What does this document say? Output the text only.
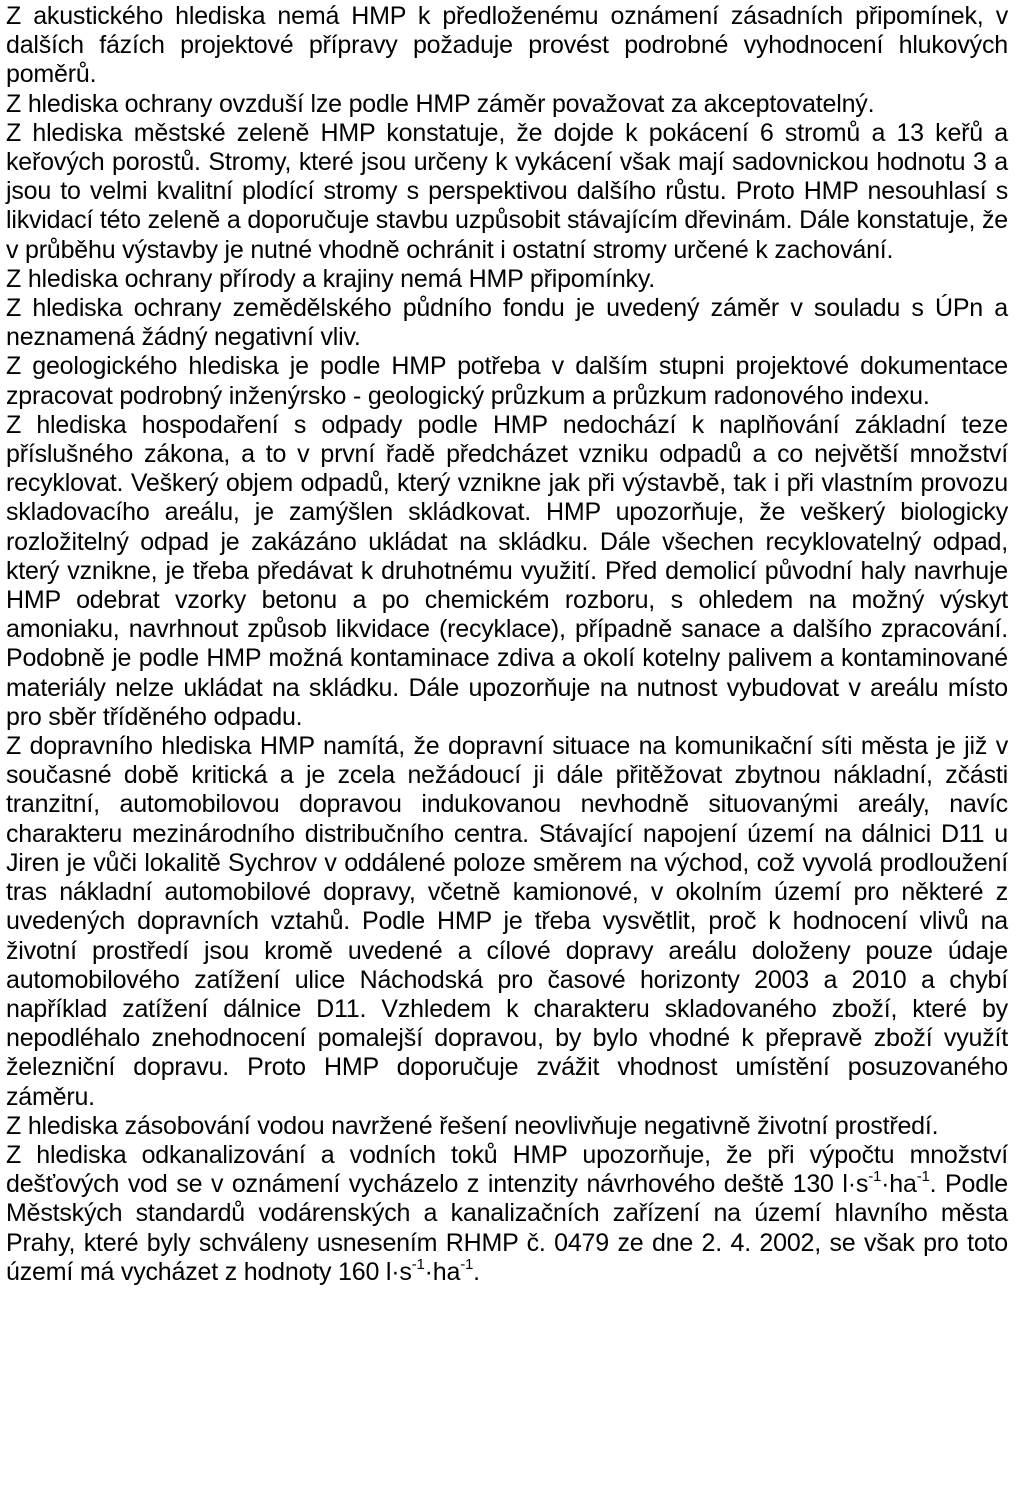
Z akustického hlediska nemá HMP k předloženému oznámení zásadních připomínek, v dalších fázích projektové přípravy požaduje provést podrobné vyhodnocení hlukových poměrů.

Z hlediska ochrany ovzduší lze podle HMP záměr považovat za akceptovatelný.

Z hlediska městské zeleně HMP konstatuje, že dojde k pokácení 6 stromů a 13 keřů a keřových porostů. Stromy, které jsou určeny k vykácení však mají sadovnickou hodnotu 3 a jsou to velmi kvalitní plodící stromy s perspektivou dalšího růstu. Proto HMP nesouhlasí s likvidací této zeleně a doporučuje stavbu uzpůsobit stávajícím dřevinám. Dále konstatuje, že v průběhu výstavby je nutné vhodně ochránit i ostatní stromy určené k zachování.

Z hlediska ochrany přírody a krajiny nemá HMP připomínky.

Z hlediska ochrany zemědělského půdního fondu je uvedený záměr v souladu s ÚPn a neznamená žádný negativní vliv.

Z geologického hlediska je podle HMP potřeba v dalším stupni projektové dokumentace zpracovat podrobný inženýrsko - geologický průzkum a průzkum radonového indexu.

Z hlediska hospodaření s odpady podle HMP nedochází k naplňování základní teze příslušného zákona, a to v první řadě předcházet vzniku odpadů a co největší množství recyklovat. Veškerý objem odpadů, který vznikne jak při výstavbě, tak i při vlastním provozu skladovacího areálu, je zamýšlen skládkovat. HMP upozorňuje, že veškerý biologicky rozložitelný odpad je zakázáno ukládat na skládku. Dále všechen recyklovatelný odpad, který vznikne, je třeba předávat k druhotnému využití. Před demolicí původní haly navrhuje HMP odebrat vzorky betonu a po chemickém rozboru, s ohledem na možný výskyt amoniaku, navrhnout způsob likvidace (recyklace), případně sanace a dalšího zpracování. Podobně je podle HMP možná kontaminace zdiva a okolí kotelny palivem a kontaminované materiály nelze ukládat na skládku. Dále upozorňuje na nutnost vybudovat v areálu místo pro sběr tříděného odpadu.

Z dopravního hlediska HMP namítá, že dopravní situace na komunikační síti města je již v současné době kritická a je zcela nežádoucí ji dále přitěžovat zbytnou nákladní, zčásti tranzitní, automobilovou dopravou indukovanou nevhodně situovanými areály, navíc charakteru mezinárodního distribučního centra. Stávající napojení území na dálnici D11 u Jiren je vůči lokalitě Sychrov v oddálené poloze směrem na východ, což vyvolá prodloužení tras nákladní automobilové dopravy, včetně kamionové, v okolním území pro některé z uvedených dopravních vztahů. Podle HMP je třeba vysvětlit, proč k hodnocení vlivů na životní prostředí jsou kromě uvedené a cílové dopravy areálu doloženy pouze údaje automobilového zatížení ulice Náchodská pro časové horizonty 2003 a 2010 a chybí například zatížení dálnice D11. Vzhledem k charakteru skladovaného zboží, které by nepodléhalo znehodnocení pomalejší dopravou, by bylo vhodné k přepravě zboží využít železniční dopravu. Proto HMP doporučuje zvážit vhodnost umístění posuzovaného záměru.

Z hlediska zásobování vodou navržené řešení neovlivňuje negativně životní prostředí.

Z hlediska odkanalizování a vodních toků HMP upozorňuje, že při výpočtu množství dešťových vod se v oznámení vycházelo z intenzity návrhového deště 130 $l\cdot s^{-1}\cdot ha^{-1}$. Podle Městských standardů vodárenských a kanalizačních zařízení na území hlavního města Prahy, které byly schváleny usnesením RHMP č. 0479 ze dne 2. 4. 2002, se však pro toto území má vycházet z hodnoty 160 $l\cdot s^{-1}\cdot ha^{-1}$.
